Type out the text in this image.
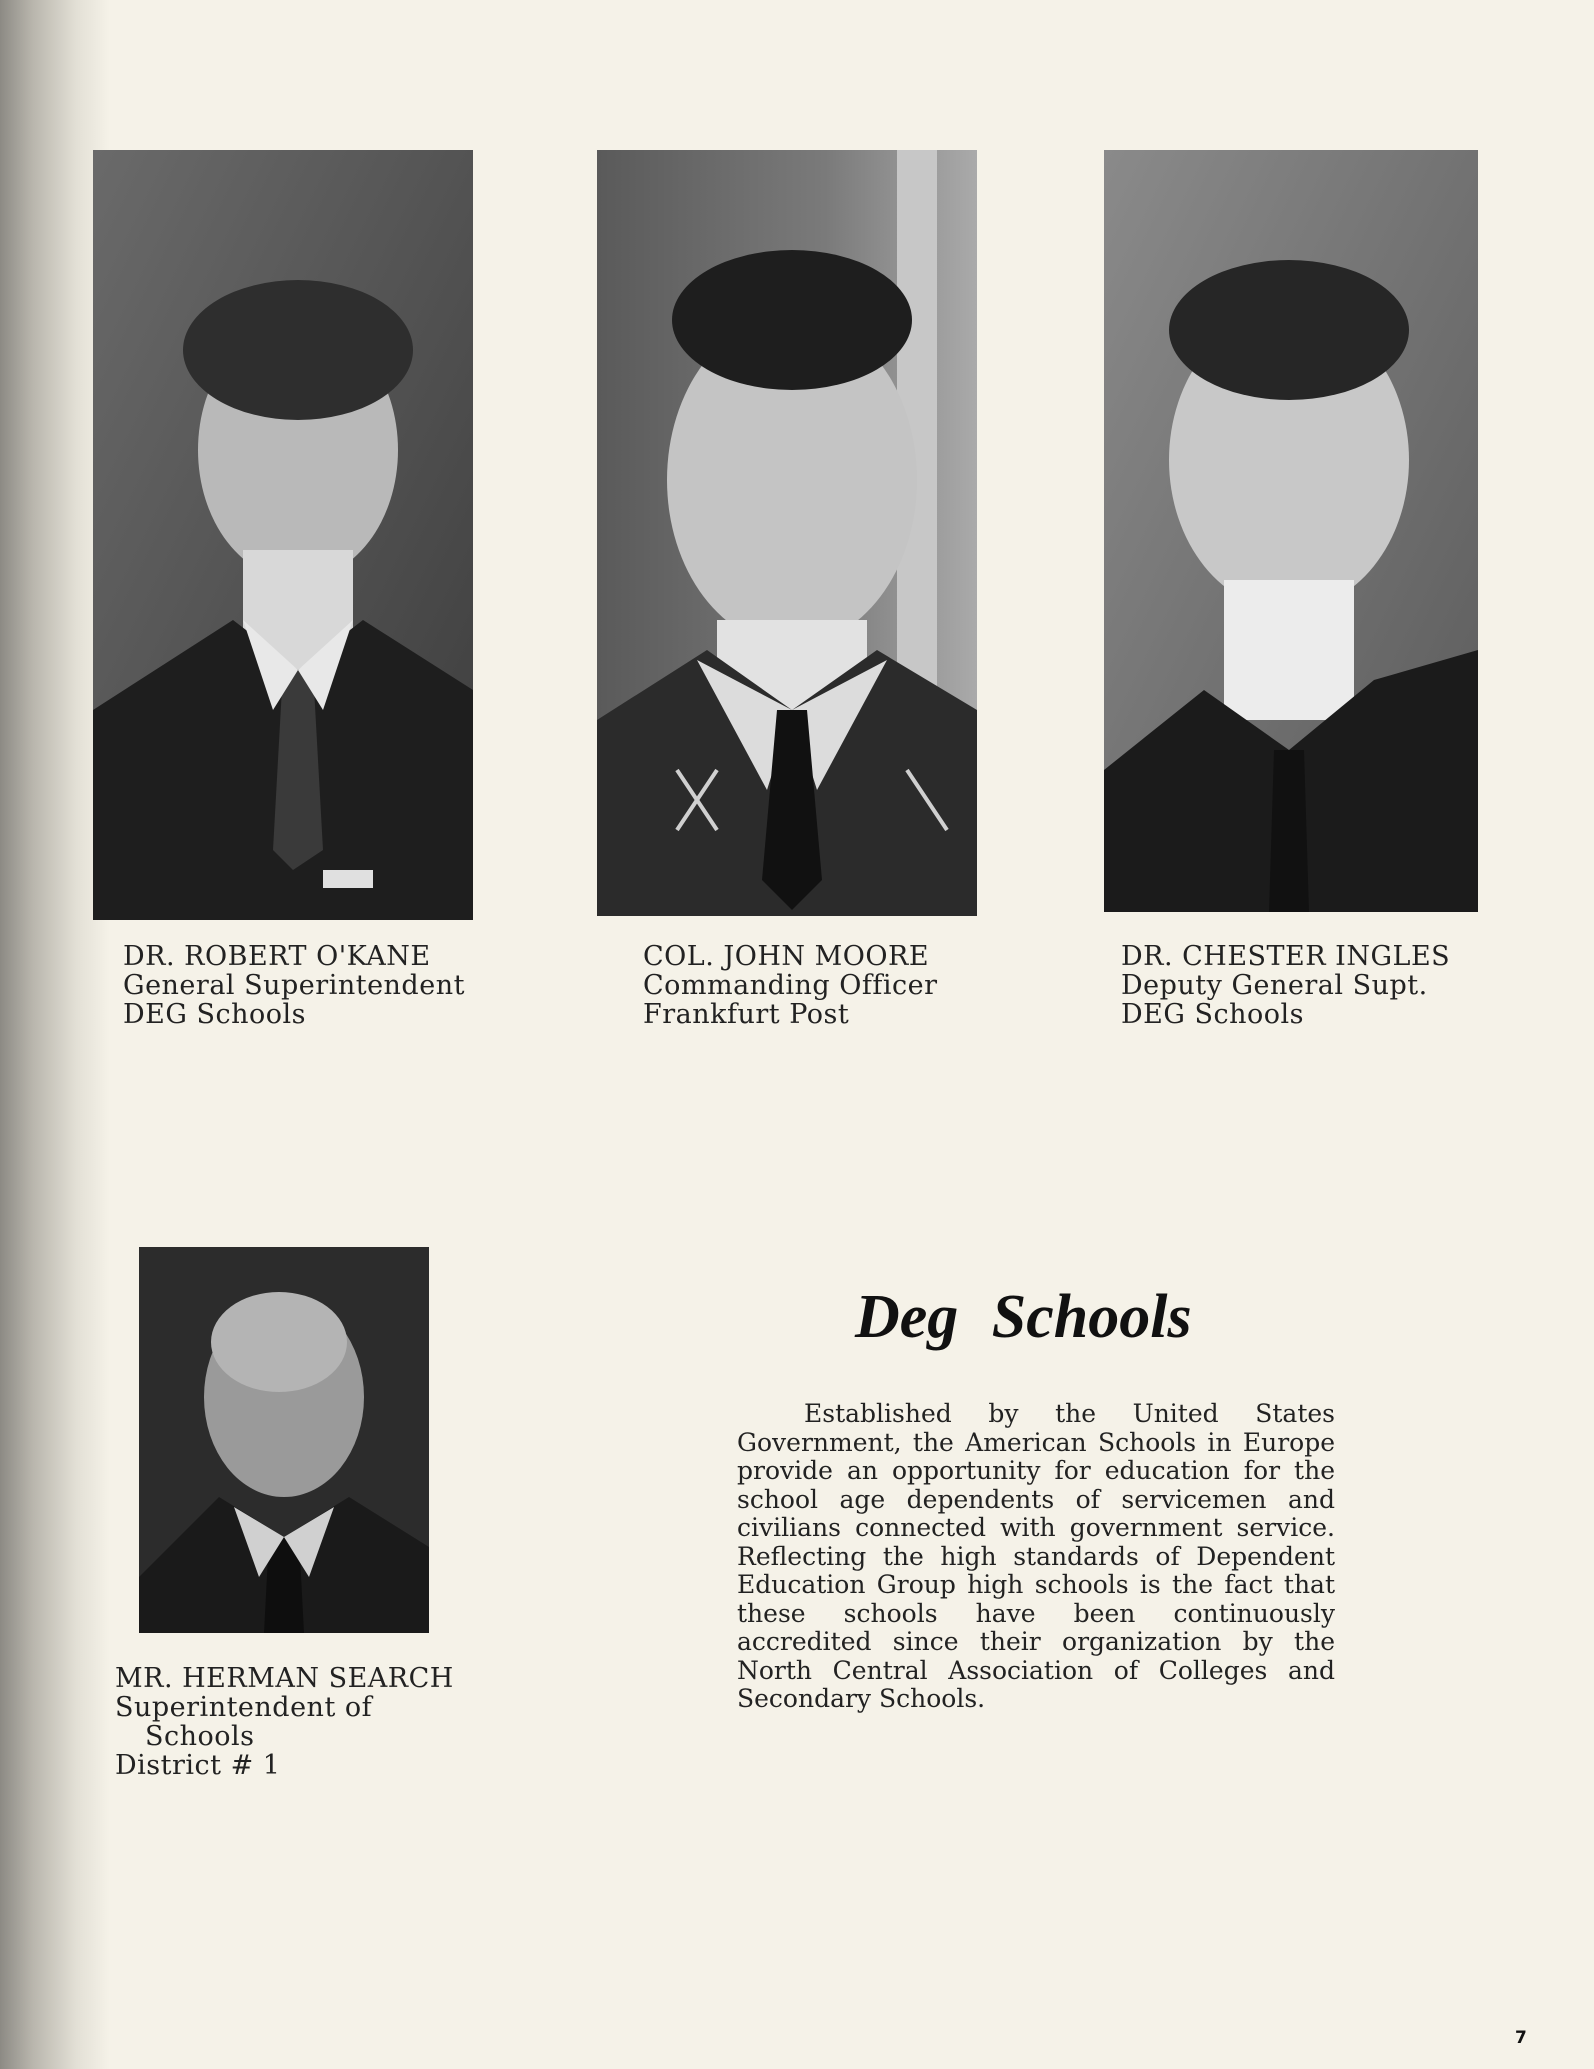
DR. ROBERT O'KANE
General Superintendent
DEG Schools
COL. JOHN MOORE
Commanding Officer
Frankfurt Post
DR. CHESTER INGLES
Deputy General Supt.
DEG Schools
MR. HERMAN SEARCH
Superintendent of
Schools
District # 1
Deg Schools
Established by the United States Government, the American Schools in Europe provide an opportunity for education for the school age dependents of servicemen and civilians connected with government service. Reflecting the high standards of Dependent Education Group high schools is the fact that these schools have been continuously accredited since their organization by the North Central Association of Colleges and Secondary Schools.
7
